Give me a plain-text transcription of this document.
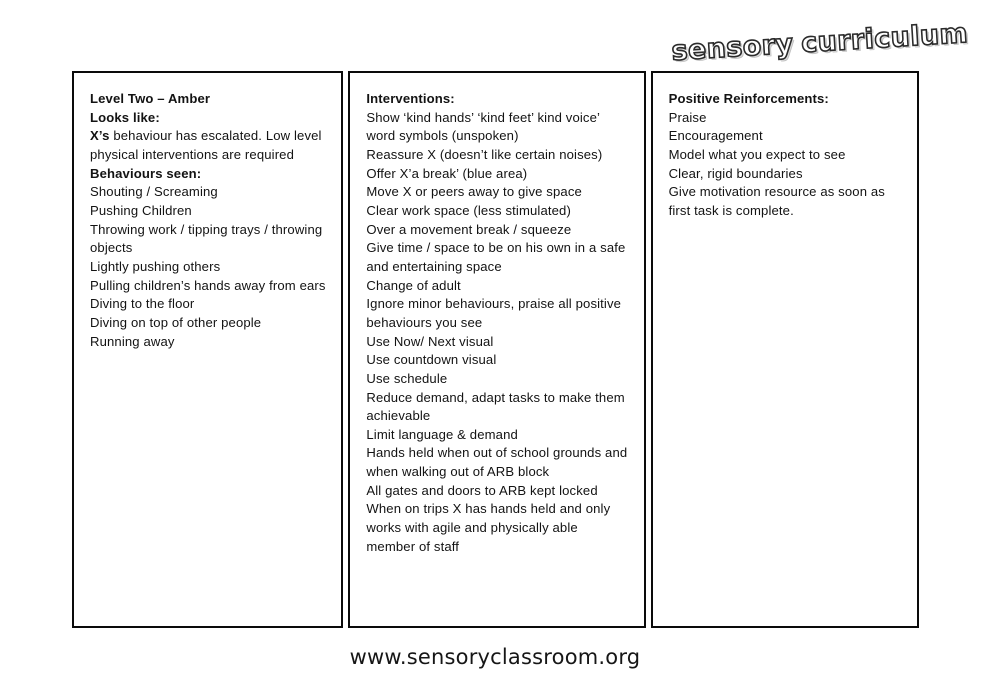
sensory curriculum
Level Two – Amber
Looks like:
X’s behaviour has escalated. Low level physical interventions are required
Behaviours seen:
Shouting / Screaming
Pushing Children
Throwing work / tipping trays / throwing objects
Lightly pushing others
Pulling children’s hands away from ears
Diving to the floor
Diving on top of other people
Running away
Interventions:
Show ‘kind hands’ ‘kind feet’ kind voice’ word symbols (unspoken)
Reassure X (doesn’t like certain noises)
Offer X’a break’ (blue area)
Move X or peers away to give space
Clear work space (less stimulated)
Over a movement break / squeeze
Give time / space to be on his own in a safe and entertaining space
Change of adult
Ignore minor behaviours, praise all positive behaviours you see
Use Now/ Next visual
Use countdown visual
Use schedule
Reduce demand, adapt tasks to make them achievable
Limit language & demand
Hands held when out of school grounds and when walking out of ARB block
All gates and doors to ARB kept locked
When on trips X has hands held and only works with agile and physically able member of staff
Positive Reinforcements:
Praise
Encouragement
Model what you expect to see
Clear, rigid boundaries
Give motivation resource as soon as first task is complete.
www.sensoryclassroom.org
